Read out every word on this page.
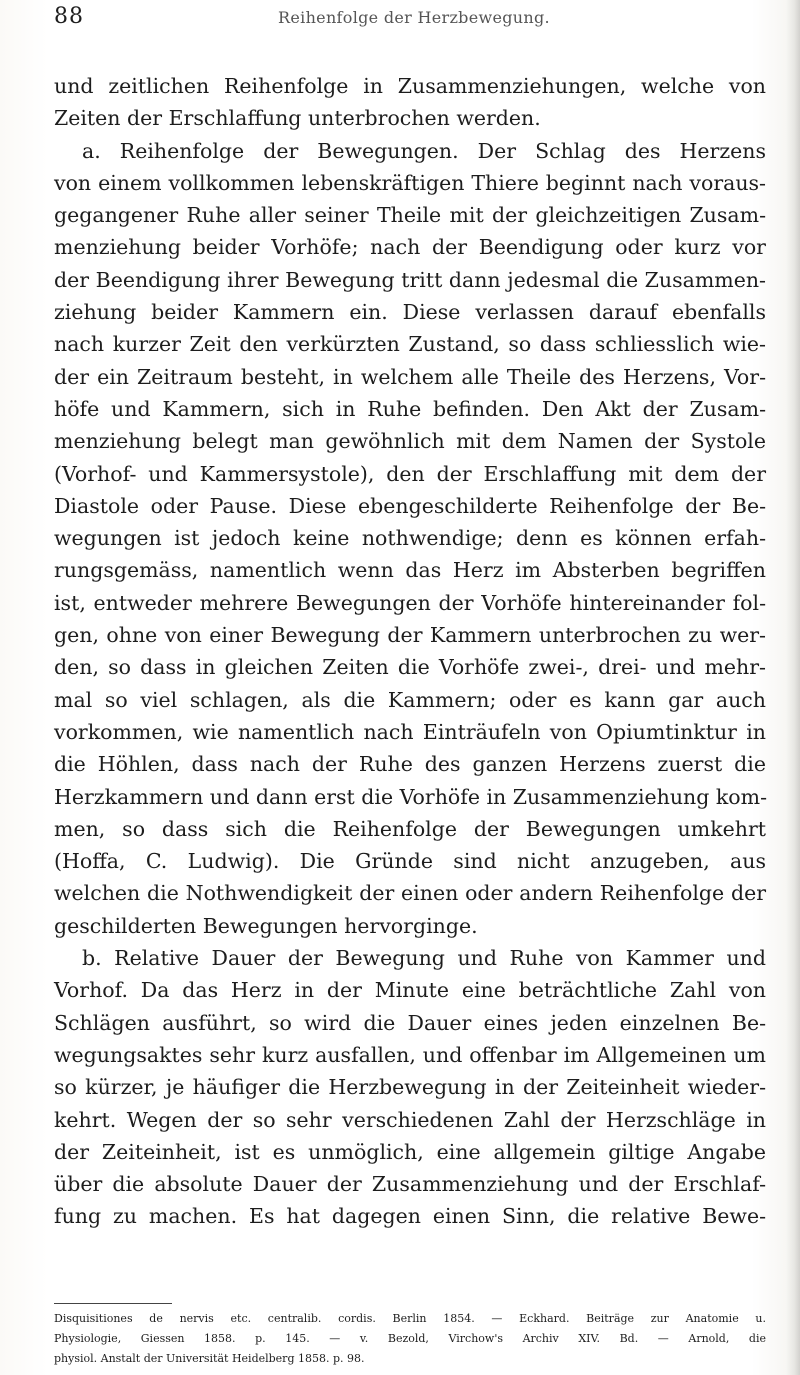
88	Reihenfolge der Herzbewegung.
und zeitlichen Reihenfolge in Zusammenziehungen, welche von
Zeiten der Erschlaffung unterbrochen werden.
a. Reihenfolge der Bewegungen. Der Schlag des Herzens
von einem vollkommen lebenskräftigen Thiere beginnt nach voraus-
gegangener Ruhe aller seiner Theile mit der gleichzeitigen Zusam-
menziehung beider Vorhöfe; nach der Beendigung oder kurz vor
der Beendigung ihrer Bewegung tritt dann jedesmal die Zusammen-
ziehung beider Kammern ein. Diese verlassen darauf ebenfalls
nach kurzer Zeit den verkürzten Zustand, so dass schliesslich wie-
der ein Zeitraum besteht, in welchem alle Theile des Herzens, Vor-
höfe und Kammern, sich in Ruhe befinden. Den Akt der Zusam-
menziehung belegt man gewöhnlich mit dem Namen der Systole
(Vorhof- und Kammersystole), den der Erschlaffung mit dem der
Diastole oder Pause. Diese ebengeschilderte Reihenfolge der Be-
wegungen ist jedoch keine nothwendige; denn es können erfah-
rungsgemäss, namentlich wenn das Herz im Absterben begriffen
ist, entweder mehrere Bewegungen der Vorhöfe hintereinander fol-
gen, ohne von einer Bewegung der Kammern unterbrochen zu wer-
den, so dass in gleichen Zeiten die Vorhöfe zwei-, drei- und mehr-
mal so viel schlagen, als die Kammern; oder es kann gar auch
vorkommen, wie namentlich nach Einträufeln von Opiumtinktur in
die Höhlen, dass nach der Ruhe des ganzen Herzens zuerst die
Herzkammern und dann erst die Vorhöfe in Zusammenziehung kom-
men, so dass sich die Reihenfolge der Bewegungen umkehrt
(Hoffa, C. Ludwig). Die Gründe sind nicht anzugeben, aus
welchen die Nothwendigkeit der einen oder andern Reihenfolge der
geschilderten Bewegungen hervorginge.
b. Relative Dauer der Bewegung und Ruhe von Kammer und
Vorhof. Da das Herz in der Minute eine beträchtliche Zahl von
Schlägen ausführt, so wird die Dauer eines jeden einzelnen Be-
wegungsaktes sehr kurz ausfallen, und offenbar im Allgemeinen um
so kürzer, je häufiger die Herzbewegung in der Zeiteinheit wieder-
kehrt. Wegen der so sehr verschiedenen Zahl der Herzschläge in
der Zeiteinheit, ist es unmöglich, eine allgemein giltige Angabe
über die absolute Dauer der Zusammenziehung und der Erschlaf-
fung zu machen. Es hat dagegen einen Sinn, die relative Bewe-
Disquisitiones de nervis etc. centralib. cordis. Berlin 1854. — Eckhard. Beiträge zur Anatomie u.
Physiologie, Giessen 1858. p. 145. — v. Bezold, Virchow's Archiv XIV. Bd. — Arnold, die
physiol. Anstalt der Universität Heidelberg 1858. p. 98.
